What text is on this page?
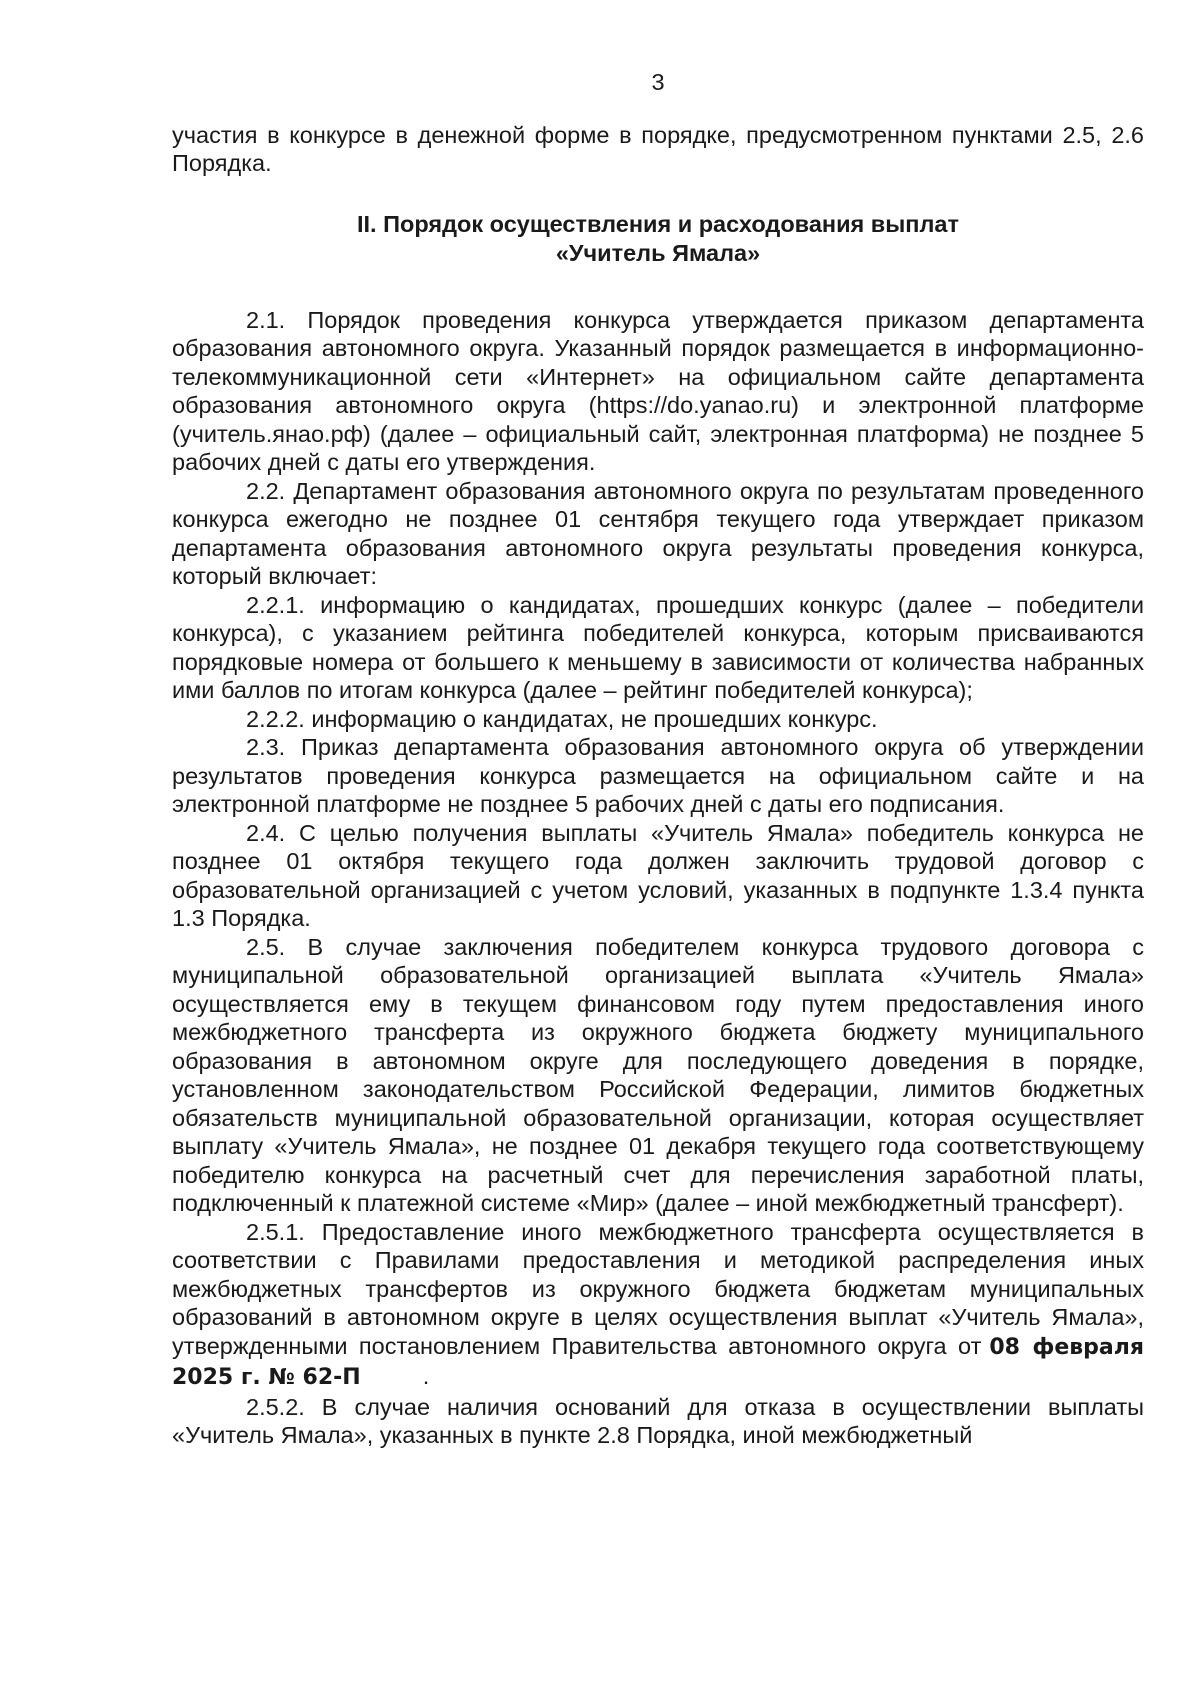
3

участия в конкурсе в денежной форме в порядке, предусмотренном пунктами 2.5, 2.6 Порядка.

II. Порядок осуществления и расходования выплат
«Учитель Ямала»

2.1. Порядок проведения конкурса утверждается приказом департамента образования автономного округа. Указанный порядок размещается в информационно-телекоммуникационной сети «Интернет» на официальном сайте департамента образования автономного округа (https://do.yanao.ru) и электронной платформе (учитель.янао.рф) (далее – официальный сайт, электронная платформа) не позднее 5 рабочих дней с даты его утверждения.

2.2. Департамент образования автономного округа по результатам проведенного конкурса ежегодно не позднее 01 сентября текущего года утверждает приказом департамента образования автономного округа результаты проведения конкурса, который включает:

2.2.1. информацию о кандидатах, прошедших конкурс (далее – победители конкурса), с указанием рейтинга победителей конкурса, которым присваиваются порядковые номера от большего к меньшему в зависимости от количества набранных ими баллов по итогам конкурса (далее – рейтинг победителей конкурса);

2.2.2. информацию о кандидатах, не прошедших конкурс.

2.3. Приказ департамента образования автономного округа об утверждении результатов проведения конкурса размещается на официальном сайте и на электронной платформе не позднее 5 рабочих дней с даты его подписания.

2.4. С целью получения выплаты «Учитель Ямала» победитель конкурса не позднее 01 октября текущего года должен заключить трудовой договор с образовательной организацией с учетом условий, указанных в подпункте 1.3.4 пункта 1.3 Порядка.

2.5. В случае заключения победителем конкурса трудового договора с муниципальной образовательной организацией выплата «Учитель Ямала» осуществляется ему в текущем финансовом году путем предоставления иного межбюджетного трансферта из окружного бюджета бюджету муниципального образования в автономном округе для последующего доведения в порядке, установленном законодательством Российской Федерации, лимитов бюджетных обязательств муниципальной образовательной организации, которая осуществляет выплату «Учитель Ямала», не позднее 01 декабря текущего года соответствующему победителю конкурса на расчетный счет для перечисления заработной платы, подключенный к платежной системе «Мир» (далее – иной межбюджетный трансферт).

2.5.1. Предоставление иного межбюджетного трансферта осуществляется в соответствии с Правилами предоставления и методикой распределения иных межбюджетных трансфертов из окружного бюджета бюджетам муниципальных образований в автономном округе в целях осуществления выплат «Учитель Ямала», утвержденными постановлением Правительства автономного округа от 08 февраля 2025 г. № 62-П	.

2.5.2. В случае наличия оснований для отказа в осуществлении выплаты «Учитель Ямала», указанных в пункте 2.8 Порядка, иной межбюджетный
